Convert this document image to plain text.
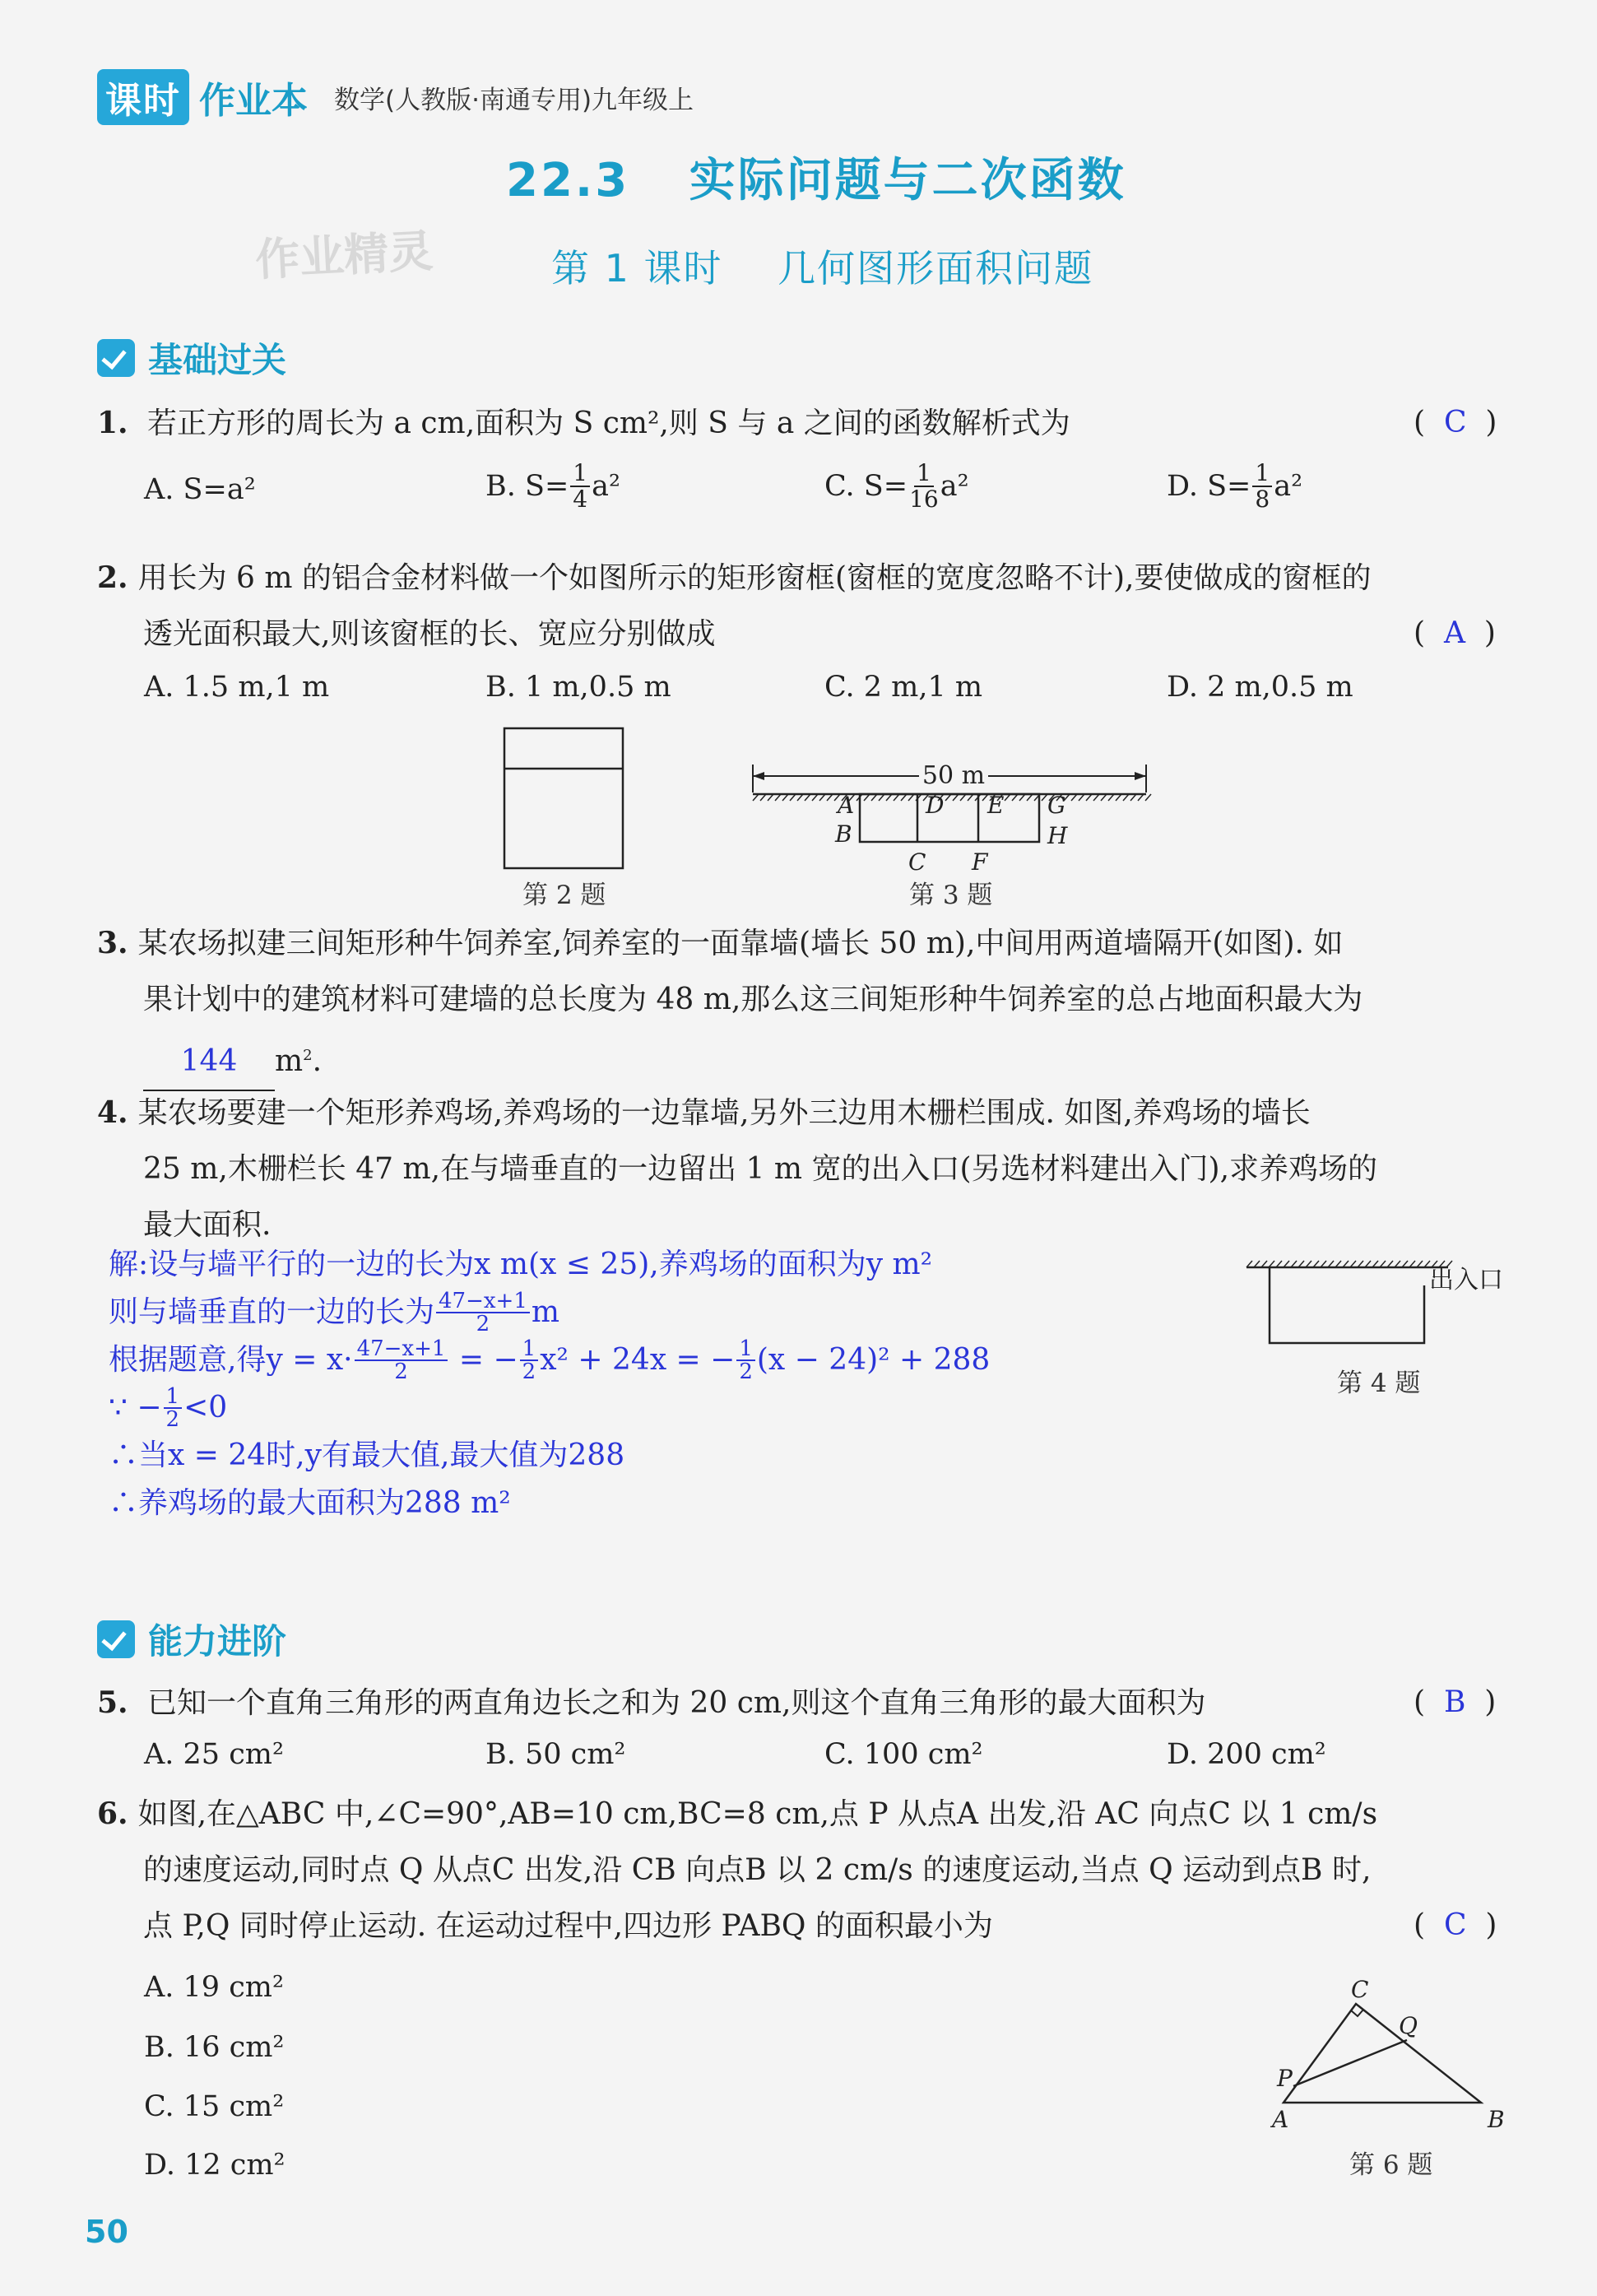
课时 作业本 数学(人教版·南通专用)九年级上
22.3 实际问题与二次函数
作业精灵	第 1 课时 几何图形面积问题
基础过关
1. 若正方形的周长为 a cm,面积为 S cm²,则 S 与 a 之间的函数解析式为	(  C  )
A. S=a²	B. $S= \frac{1}{4} a^2$	C. $S= \frac{1}{16} a^2$	D. $S= \frac{1}{8} a^2$
2. 用长为 6 m 的铝合金材料做一个如图所示的矩形窗框(窗框的宽度忽略不计),要使做成的窗框的
透光面积最大,则该窗框的长、宽应分别做成	(  A  )
A. 1.5 m,1 m	B. 1 m,0.5 m	C. 2 m,1 m	D. 2 m,0.5 m
第 2 题
50 m
A
B
C
D E
F
G
H
第 3 题
3. 某农场拟建三间矩形种牛饲养室,饲养室的一面靠墙(墙长 50 m),中间用两道墙隔开(如图). 如
果计划中的建筑材料可建墙的总长度为 48 m,那么这三间矩形种牛饲养室的总占地面积最大为
144 $m^2$.
4. 某农场要建一个矩形养鸡场,养鸡场的一边靠墙,另外三边用木栅栏围成. 如图,养鸡场的墙长
25 m,木栅栏长 47 m,在与墙垂直的一边留出 1 m 宽的出入口(另选材料建出入门),求养鸡场的
最大面积.
解:设与墙平行的一边的长为x m(x ≤ 25),养鸡场的面积为y m²
则与墙垂直的一边的长为 $\frac{47-x+1}{2}$ m
根据题意,得$y = x\cdot \frac{47-x+1}{2}$ = − $\frac{1}{2} x^2 + 24x$ = − $\frac{1}{2} (x - 24)^2 + 288$
∵ − $\frac{1}{2} <0$
∴当x = 24时,y有最大值,最大值为288
∴养鸡场的最大面积为288 m²
出入口
第 4 题
能力进阶
5. 已知一个直角三角形的两直角边长之和为 20 cm,则这个直角三角形的最大面积为	(  B  )
A. 25 cm²	B. 50 cm²	C. 100 cm²	D. 200 cm²
6. 如图,在△ABC 中,∠C=90°,AB=10 cm,BC=8 cm,点 P 从点A 出发,沿 AC 向点C 以 1 cm/s
的速度运动,同时点 Q 从点C 出发,沿 CB 向点B 以 2 cm/s 的速度运动,当点 Q 运动到点B 时,
点 P,Q 同时停止运动. 在运动过程中,四边形 PABQ 的面积最小为	(  C  )
A. 19 cm²
B. 16 cm²
C. 15 cm²
D. 12 cm²
C
Q
P
A	B
第 6 题
50
